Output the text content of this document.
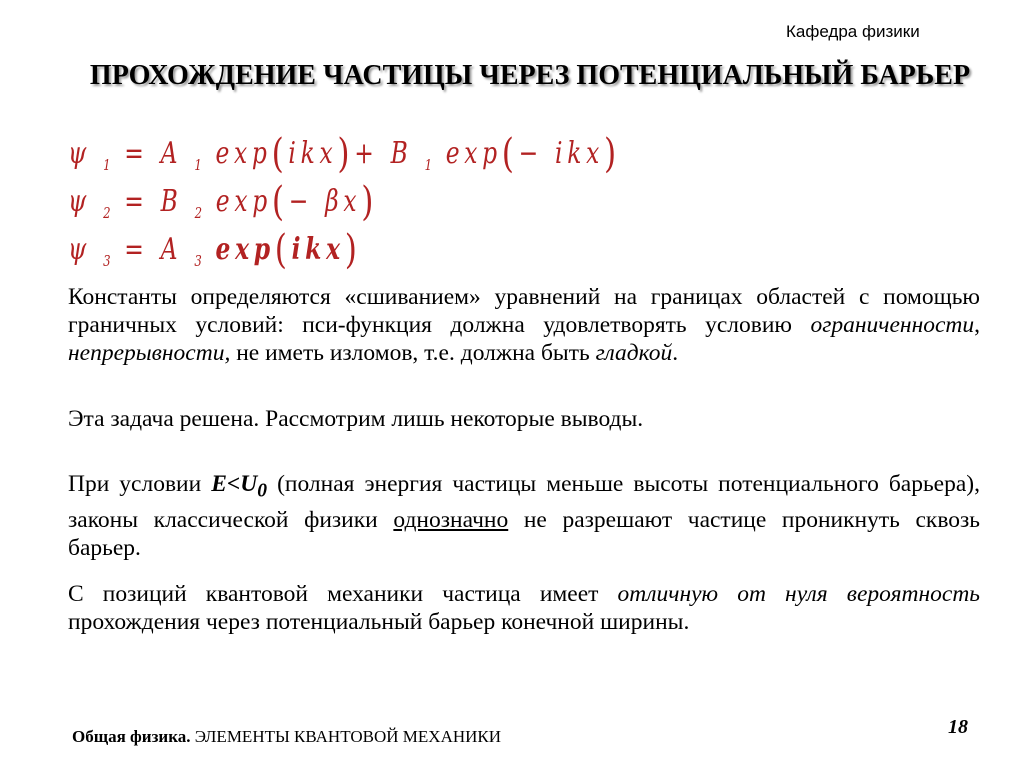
Кафедра физики
ПРОХОЖДЕНИЕ ЧАСТИЦЫ ЧЕРЕЗ ПОТЕНЦИАЛЬНЫЙ БАРЬЕР
ψ $_1$ = A $_1$ exp(ikx)+ B $_1$ exp(− ikx)
ψ $_2$ = B $_2$ exp(− βx)
ψ $_3$ = A $_3$ exp(ikx)
Константы определяются «сшиванием» уравнений на границах областей с помощью граничных условий: пси-функция должна удовлетворять условию ограниченности, непрерывности, не иметь изломов, т.е. должна быть гладкой.
Эта задача решена. Рассмотрим лишь некоторые выводы.
При условии $E<U_0$ (полная энергия частицы меньше высоты потенциального барьера), законы классической физики однозначно не разрешают частице проникнуть сквозь барьер.
С позиций квантовой механики частица имеет отличную от нуля вероятность прохождения через потенциальный барьер конечной ширины.
Общая физика. ЭЛЕМЕНТЫ КВАНТОВОЙ МЕХАНИКИ	18
